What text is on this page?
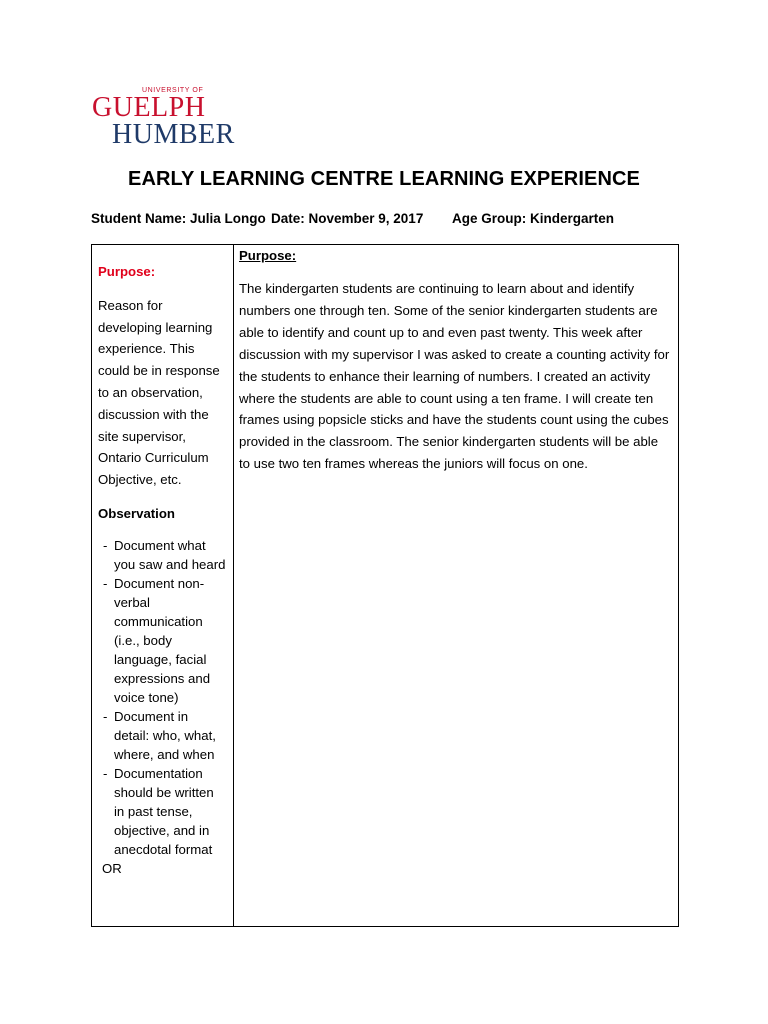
UNIVERSITY OF
GUELPH
HUMBER
EARLY LEARNING CENTRE LEARNING EXPERIENCE
Student Name: Julia Longo Date: November 9, 2017 Age Group: Kindergarten

Purpose:

Reason for developing learning experience. This could be in response to an observation, discussion with the site supervisor, Ontario Curriculum Objective, etc.

Observation

- Document what you saw and heard
- Document non-verbal communication (i.e., body language, facial expressions and voice tone)
- Document in detail: who, what, where, and when
- Documentation should be written in past tense, objective, and in anecdotal format

OR

Purpose:

The kindergarten students are continuing to learn about and identify numbers one through ten. Some of the senior kindergarten students are able to identify and count up to and even past twenty. This week after discussion with my supervisor I was asked to create a counting activity for the students to enhance their learning of numbers. I created an activity where the students are able to count using a ten frame. I will create ten frames using popsicle sticks and have the students count using the cubes provided in the classroom. The senior kindergarten students will be able to use two ten frames whereas the juniors will focus on one.
